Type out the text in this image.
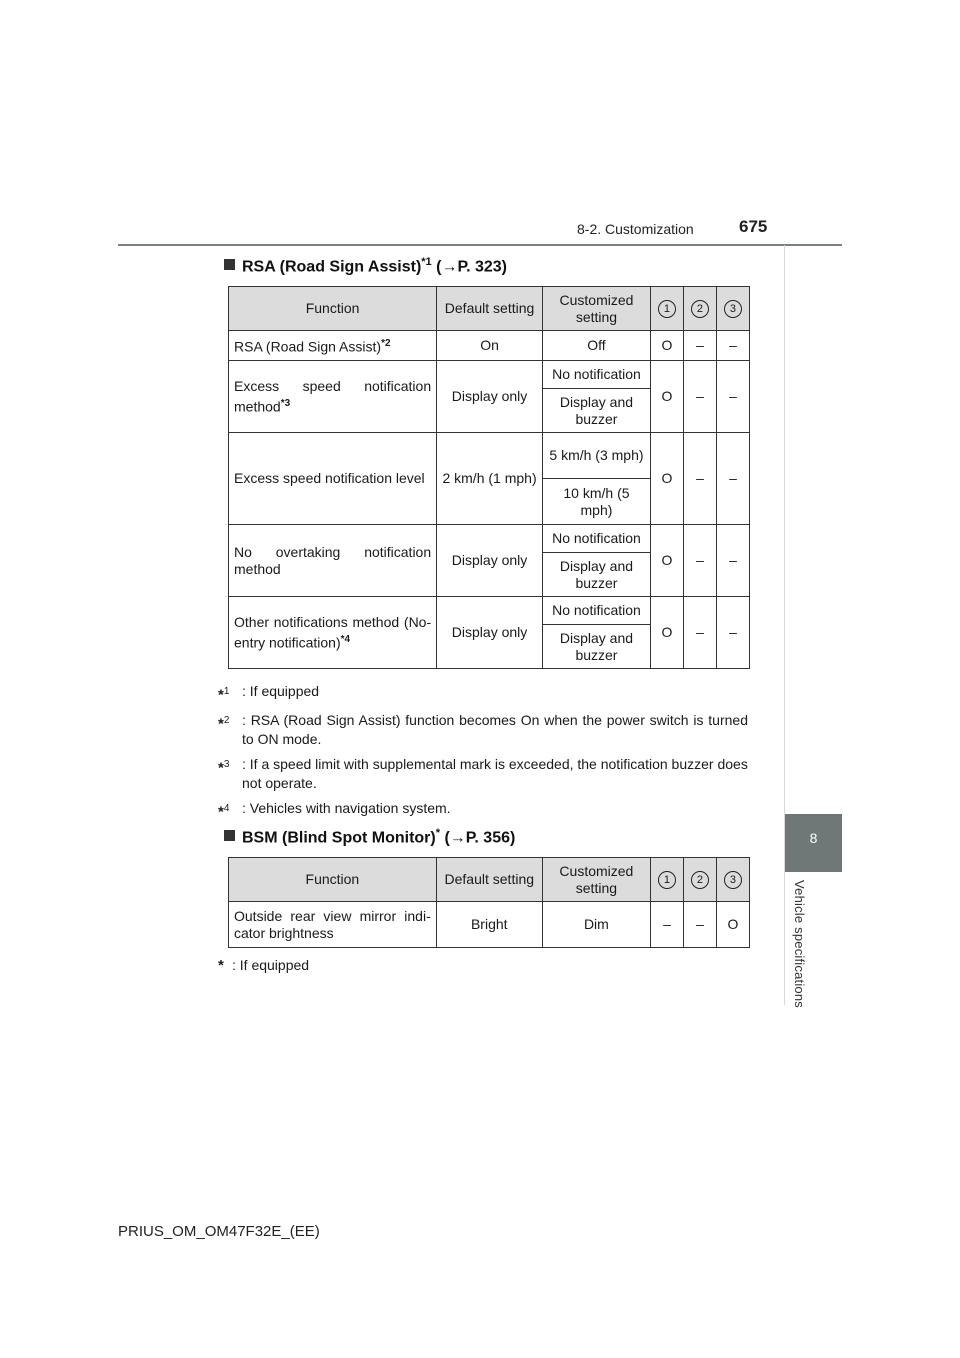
8-2. Customization	675
8
Vehicle specifications
RSA (Road Sign Assist)$^{*1}$ (→P. 323)
Function	Default setting	Customized setting	1	2	3
RSA (Road Sign Assist)$^{*2}$	On	Off	O	–	–
Excess speed notification method$^{*3}$	Display only	No notification	O	–	–
		Display and buzzer			
Excess speed notification level	2 km/h (1 mph)	5 km/h (3 mph)	O	–	–
		10 km/h (5 mph)			
No overtaking notification method	Display only	No notification	O	–	–
		Display and buzzer			
Other notifications method (No-entry notification)$^{*4}$	Display only	No notification	O	–	–
		Display and buzzer			
*$^1$ : If equipped
*$^2$ : RSA (Road Sign Assist) function becomes On when the power switch is turned to ON mode.
*$^3$ : If a speed limit with supplemental mark is exceeded, the notification buzzer does not operate.
*$^4$ : Vehicles with navigation system.
BSM (Blind Spot Monitor)* (→P. 356)
Function	Default setting	Customized setting	1	2	3
Outside rear view mirror indi-cator brightness	Bright	Dim	–	–	O
* : If equipped
PRIUS_OM_OM47F32E_(EE)
